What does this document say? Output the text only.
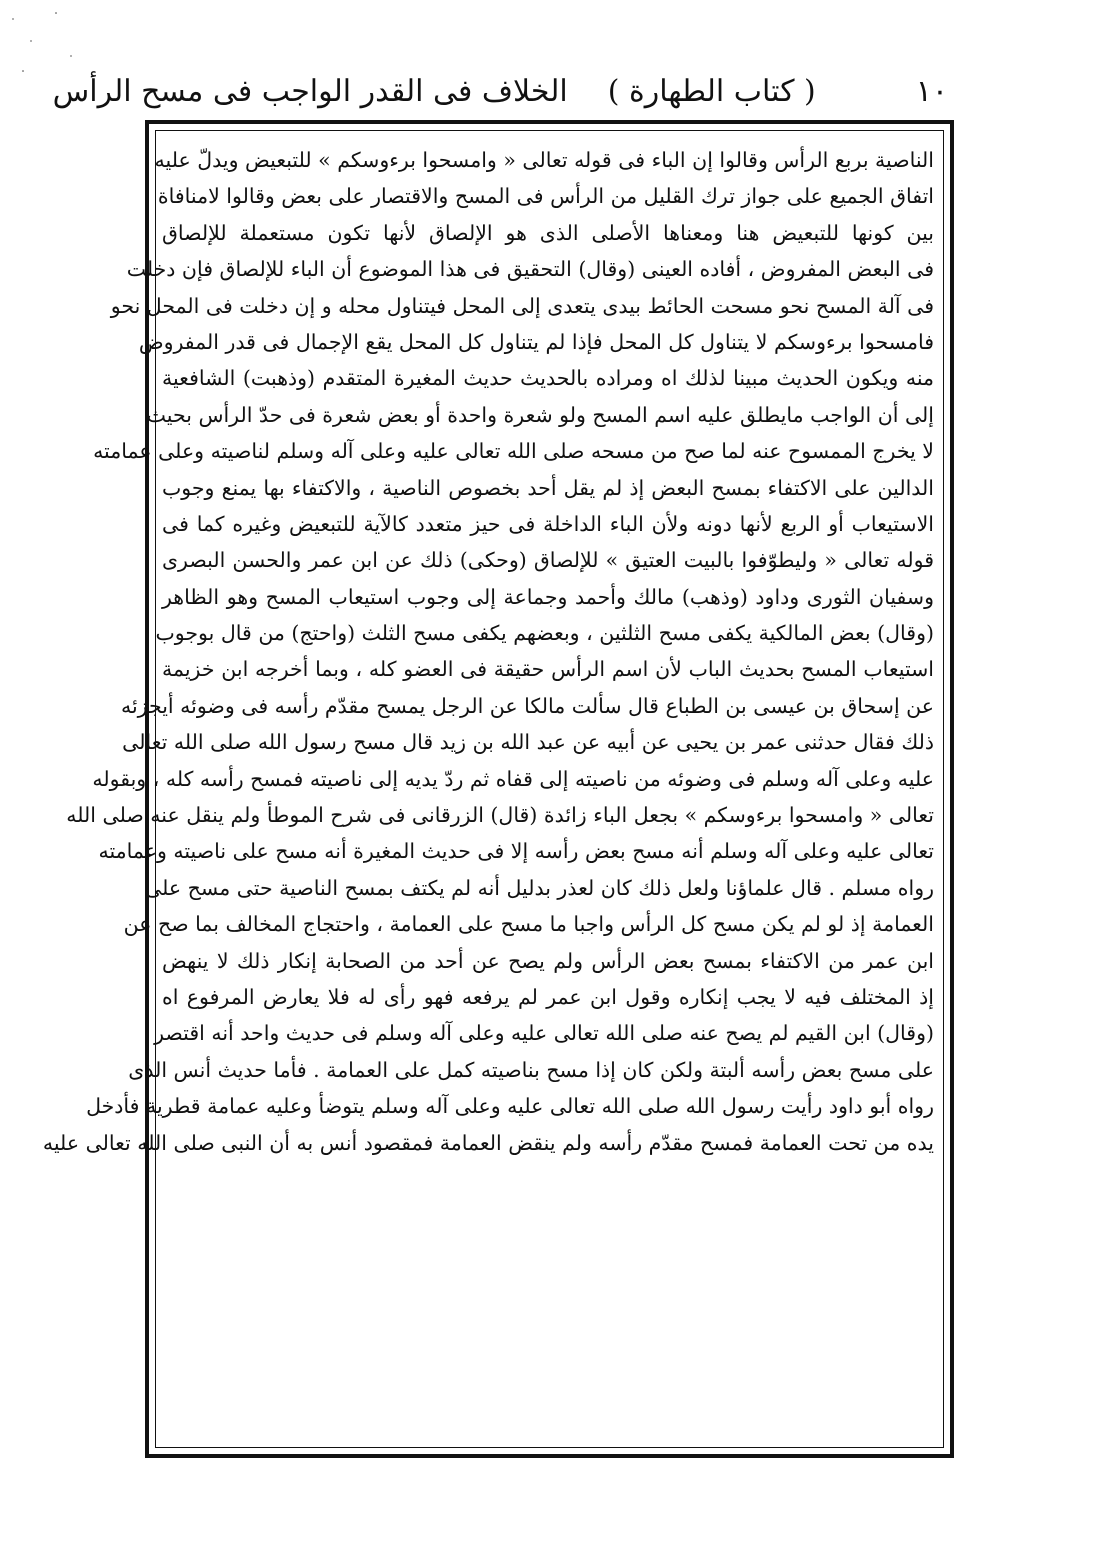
١٠
( كتاب الطهارة )
الخلاف فى القدر الواجب فى مسح الرأس
الناصية بربع الرأس وقالوا إن الباء فى قوله تعالى « وامسحوا برءوسكم » للتبعيض ويدلّ عليه
اتفاق الجميع على جواز ترك القليل من الرأس فى المسح والاقتصار على بعض وقالوا لامنافاة
بين كونها للتبعيض هنا ومعناها الأصلى الذى هو الإلصاق لأنها تكون مستعملة للإلصاق
فى البعض المفروض ، أفاده العينى (وقال) التحقيق فى هذا الموضوع أن الباء للإلصاق فإن دخلت
فى آلة المسح نحو مسحت الحائط بيدى يتعدى إلى المحل فيتناول محله و إن دخلت فى المحل نحو
فامسحوا برءوسكم لا يتناول كل المحل فإذا لم يتناول كل المحل يقع الإجمال فى قدر المفروض
منه ويكون الحديث مبينا لذلك اه ومراده بالحديث حديث المغيرة المتقدم (وذهبت) الشافعية
إلى أن الواجب مايطلق عليه اسم المسح ولو شعرة واحدة أو بعض شعرة فى حدّ الرأس بحيث
لا يخرج الممسوح عنه لما صح من مسحه صلى الله تعالى عليه وعلى آله وسلم لناصيته وعلى عمامته
الدالين على الاكتفاء بمسح البعض إذ لم يقل أحد بخصوص الناصية ، والاكتفاء بها يمنع وجوب
الاستيعاب أو الربع لأنها دونه ولأن الباء الداخلة فى حيز متعدد كالآية للتبعيض وغيره كما فى
قوله تعالى « وليطوّفوا بالبيت العتيق » للإلصاق (وحكى) ذلك عن ابن عمر والحسن البصرى
وسفيان الثورى وداود (وذهب) مالك وأحمد وجماعة إلى وجوب استيعاب المسح وهو الظاهر
(وقال) بعض المالكية يكفى مسح الثلثين ، وبعضهم يكفى مسح الثلث (واحتج) من قال بوجوب
استيعاب المسح بحديث الباب لأن اسم الرأس حقيقة فى العضو كله ، وبما أخرجه ابن خزيمة
عن إسحاق بن عيسى بن الطباع قال سألت مالكا عن الرجل يمسح مقدّم رأسه فى وضوئه أيجزئه
ذلك فقال حدثنى عمر بن يحيى عن أبيه عن عبد الله بن زيد قال مسح رسول الله صلى الله تعالى
عليه وعلى آله وسلم فى وضوئه من ناصيته إلى قفاه ثم ردّ يديه إلى ناصيته فمسح رأسه كله ، وبقوله
تعالى « وامسحوا برءوسكم » بجعل الباء زائدة (قال) الزرقانى فى شرح الموطأ ولم ينقل عنه صلى الله
تعالى عليه وعلى آله وسلم أنه مسح بعض رأسه إلا فى حديث المغيرة أنه مسح على ناصيته وعمامته
رواه مسلم . قال علماؤنا ولعل ذلك كان لعذر بدليل أنه لم يكتف بمسح الناصية حتى مسح على
العمامة إذ لو لم يكن مسح كل الرأس واجبا ما مسح على العمامة ، واحتجاج المخالف بما صح عن
ابن عمر من الاكتفاء بمسح بعض الرأس ولم يصح عن أحد من الصحابة إنكار ذلك لا ينهض
إذ المختلف فيه لا يجب إنكاره وقول ابن عمر لم يرفعه فهو رأى له فلا يعارض المرفوع اه
(وقال) ابن القيم لم يصح عنه صلى الله تعالى عليه وعلى آله وسلم فى حديث واحد أنه اقتصر
على مسح بعض رأسه ألبتة ولكن كان إذا مسح بناصيته كمل على العمامة . فأما حديث أنس الذى
رواه أبو داود رأيت رسول الله صلى الله تعالى عليه وعلى آله وسلم يتوضأ وعليه عمامة قطرية فأدخل
يده من تحت العمامة فمسح مقدّم رأسه ولم ينقض العمامة فمقصود أنس به أن النبى صلى الله تعالى عليه
